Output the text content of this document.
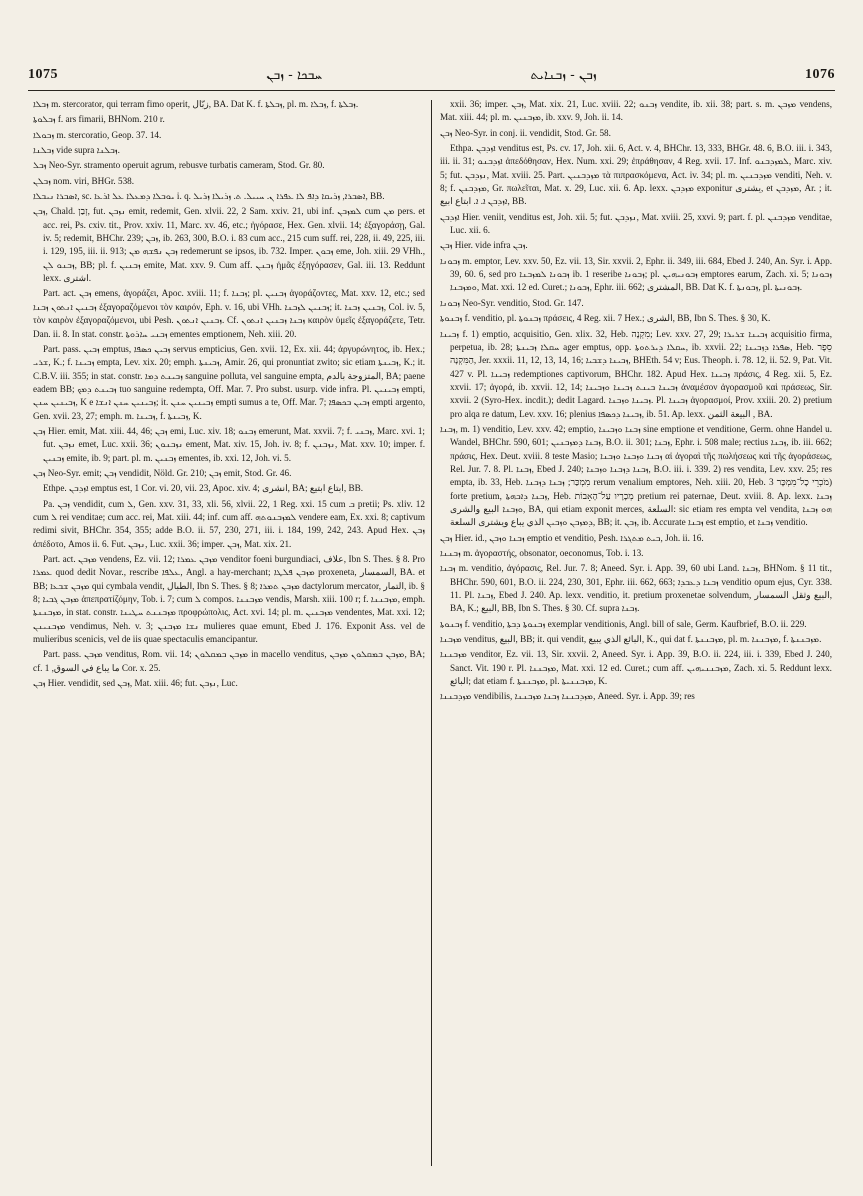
1075	ܚܒܟܐ - ܙܒܢ	ܙܒܢ - ܙܒܢܐܝܬ	1076

ܙܒܠܐ m. stercorator, qui terram fimo operit, زبّال, BA. Dat K. f. ܙܒܠܬܐ, pl. m. ܙܒܠܐ, f. ܙܒܠܬܐ.

ܙܒܠܘܬܐ f. ars fimarii, BHNom. 210 r.

ܙܒܘܠܐ m. stercoratio, Geop. 37. 14.

ܙܒܠܢܐ vide supra ܙܒܠܢܐ.

ܙܒܠ Neo-Syr. stramento operuit agrum, rebusve turbatis cameram, Stod. Gr. 80.

ܙܒܠܢ nom. viri, BHGr. 538.

ܐܣܒܪܐ ܢܝܒܠܐ, sc. ܝܘܒܠܐ ܕܡܥܠܐ ܥܠ ܐܪܥܐ i. q. ܐܣܒܪܐ, ܙܪܝܩܐ ܕܐܦ ܠܐ ܥܦܪܐ ܢ. ܚܝܝܠ. ܬ. ܙܪܝܠܐ ܙܪܝܠ, BB.

ܙܒܢ, Chald. זְבַן, fut. ܢܙܒܢ emit, redemit, Gen. xlvii. 22, 2 Sam. xxiv. 21, ubi inf. ܠܡܙܒܢ cum ܡܢ pers. et acc. rei, Ps. cxiv. tit., Prov. xxiv. 11, Marc. xv. 46, etc.; ἠγόρασε, Hex. Gen. xlvii. 14; ἐξαγοράσῃ, Gal. iv. 5; redemit, BHChr. 239; ܙܒܢ, ib. 263, 300, B.O. i. 83 cum acc., 215 cum suff. rei, 228, ii. 49, 225, iii. i. 129, 195, iii. ii. 913; ܙܒܢ ܢܦܫܗ ܡܢ redemerunt se ipsos, ib. 732. Imper. ܙܒܘܢ eme, Joh. xiii. 29 VHh., ܙܒܢܘ ܠܢ, BB; pl. f. ܙܒܢܝܢ emite, Mat. xxv. 9. Cum aff. ܙܒܢܢ ἡμᾶς ἐξηγόρασεν, Gal. iii. 13. Reddunt lexx. اشترى.

Part. act. ܙܒܢ emens, ἀγοράζει, Apoc. xviii. 11; f. ܙܒܢܐ; pl. ܙܒܢܝܢ ἀγοράζοντες, Mat. xxv. 12, etc.; sed ܙܒܢܝܢ ܐܢܬܘܢ ܙܒܢܐ ἐξαγοραζόμενοι τὸν καιρόν, Eph. v. 16, ubi VHh. ܙܒܢܝܢ ܠܙܒܢܐ; it. ܙܒܢܝܢ ܙܒܢܐ, Col. iv. 5, τὸν καιρὸν ἐξαγοραζόμενοι, ubi Pesh. ܙܒܢܝܢ ܐܢܬܘܢ. Cf. ܙܒܢܐ ܙܒܢܝܢ ܐܢܬܘܢ καιρὸν ὑμεῖς ἐξαγοράζετε, Tetr. Dan. ii. 8. In stat. constr. ܙܒܢܝ ܚܐܪܘܬܐ ementes emptionem, Neh. xiii. 20.

Part. pass. ܙܒܝܢ emptus, ܙܒܝܢ ܟܣܦܐ servus empticius, Gen. xvii. 12, Ex. xii. 44; ἀργυρώνητος, ib. Hex.; ܫܪܝ, K.; f. ܙܒܝܢܐ empta, Lev. xix. 20; emph. ܙܒܝܢܬܐ, Amir. 26, qui pronuntiat zwito; sic etiam ܙܒܝܢܬܐ, K.; it. C.B.V. iii. 355; in stat. constr. ܙܒܝܢܬ ܕܡܐ sanguine polluta, vel sanguine empta, المتزوجة بالدم, BA; paene eadem BB; ܙܒܝܢܬ ܕܡܟ tuo sanguine redempta, Off. Mar. 7. Pro subst. usurp. vide infra. Pl. ܙܒܝܢܝܢ empti, ܙܒܝܢܝܢ ܚܢܢ, K e ܙܒܝܢܝܢ ܚܢܢ ܐܢܫܐ; it. ܙܒܝܢܝܢ ܚܢܢ empti sumus a te, Off. Mar. 7; ܙܒܝܢ ܒܟܣܦܐ empti argento, Gen. xvii. 23, 27; emph. m. ܙܒܝܢܐ, f. ܙܒܝܢܬܐ, K.

ܙܒܢ Hier. emit, Mat. xiii. 44, 46; ܙܒܢ emi, Luc. xiv. 18; ܙܒܢܘ emerunt, Mat. xxvii. 7; f. ܙܒܢܝ, Marc. xvi. 1; fut. ܢܙܒܢ emet, Luc. xxii. 36; ܢܙܒܢܘܢ ement, Mat. xiv. 15, Joh. iv. 8; f. ܢܙܒܢܢ, Mat. xxv. 10; imper. f. ܙܒܢܝܢ emite, ib. 9; part. pl. m. ܙܒܢܝܢ ementes, ib. xxi. 12, Joh. vi. 5.

ܙܒܢ Neo-Syr. emit; ܙܒܢ vendidit, Nöld. Gr. 210; ܙܒܢ emit, Stod. Gr. 46.

Ethpe. ܐܙܕܒܢ emptus est, 1 Cor. vi. 20, vii. 23, Apoc. xiv. 4; انشرى, BA; ابتاع ابتيع, BB.

Pa. ܙܒܢ vendidit, cum ܠ, Gen. xxv. 31, 33, xli. 56, xlvii. 22, 1 Reg. xxi. 15 cum ܒ pretii; Ps. xliv. 12 cum ܠ rei venditae; cum acc. rei, Mat. xiii. 44; inf. cum aff. ܠܡܙܒܢܘܬܗ vendere eam, Ex. xxi. 8; captivum redimi sivit, BHChr. 354, 355; adde B.O. ii. 57, 230, 271, iii. i. 184, 199, 242, 243. Apud Hex. ܙܒܢ ἀπέδοτο, Amos ii. 6. Fut. ܢܙܒܢ, Luc. xxii. 36; imper. ܙܒܢ, Mat. xix. 21.

Part. act. ܡܙܒܢ vendens, Ez. vii. 12; ܡܙܒܢ ܥܡܪܐ venditor foeni burgundiaci, علاف, Ibn S. Thes. § 8. Pro ܥܡܪܐ quod dedit Novar., rescribe ܥܠܦܐ, Angl. a hay-merchant; ܡܙܒܢ ܦܠܛܐ proxeneta, السمسار, BA. et BB; ܡܙܒܢ ܫܒܥܐ qui cymbala vendit, الطبال, Ibn S. Thes. § 8; ܡܙܒܢ ܬܡܪܐ dactylorum mercator, التمار, ib. § 8; ܡܙܒܢ ܓܒܝܐ ἀπεπρατίζόμην, Tob. i. 7; cum ܠ compos. ܡܙܒܢܢܐ vendis, Marsh. xiii. 100 r; f. ܡܙܒܢܢܐ, emph. ܡܙܒܢܢܬܐ, in stat. constr. ܡܙܒܢܢܬ ܚܛܝܢܐ προφρώπολις, Act. xvi. 14; pl. m. ܡܙܒܢܝܢ vendentes, Mat. xxi. 12; ܡܙܒܢܝܢܢ vendimus, Neh. v. 3; ܢܫܐ ܡܙܒܢܢ mulieres quae emunt, Ebed J. 176. Exponit Ass. vel de mulieribus scenicis, vel de iis quae spectaculis emancipantur.

Part. pass. ܡܙܒܢ venditus, Rom. vii. 14; ܡܙܒܢ ܒܡܩܠܘܢ in macello venditus, ܡܙܒܢ ܒܡܩܠܘܢ ܡܙܒܢ, BA; cf. ما يباع في السوق, 1 Cor. x. 25.

ܙܒܢ Hier. vendidit, sed ܙܒܢ, Mat. xiii. 46; fut. ܢܙܒܢ, Luc.

xxii. 36; imper. ܙܒܢ, Mat. xix. 21, Luc. xviii. 22; ܙܒܢܘ vendite, ib. xii. 38; part. s. m. ܡܙܒܢ vendens, Mat. xiii. 44; pl. m. ܡܙܒܢܝܢ, ib. xxv. 9, Joh. ii. 14.

ܙܒܢ Neo-Syr. in conj. ii. vendidit, Stod. Gr. 58.

Ethpa. ܐܙܕܒܢ venditus est, Ps. cv. 17, Joh. xii. 6, Act. v. 4, BHChr. 13, 333, BHGr. 48. 6, B.O. iii. i. 343, iii. ii. 31; ܐܙܕܒܢܘ ἀπεδόθησαν, Hex. Num. xxi. 29; ἐπράθησαν, 4 Reg. xvii. 17. Inf. ܠܡܙܕܒܢܘ, Marc. xiv. 5; fut. ܢܙܕܒܢ, Mat. xviii. 25. Part. ܡܙܕܒܢܝܢ τὰ πιπρασκόμενα, Act. iv. 34; pl. m. ܡܙܕܒܢܝܢ venditi, Neh. v. 8; f. ܡܙܕܒܢܢ, Gr. πωλεῖται, Mat. x. 29, Luc. xii. 6. Ap. lexx. ܡܙܕܒܢ exponitur يشترى, et ܡܙܕܒܢ, Ar. ; it. ܐܙܕܒܢ ܐ. ܐ. ابتاع ابيع, BB.

ܐܙܕܒܢ Hier. veniit, venditus est, Joh. xii. 5; fut. ܢܙܕܒܢ, Mat. xviii. 25, xxvi. 9; part. f. pl. ܡܙܕܒܢܢ venditae, Luc. xii. 6.

ܙܒܢ Hier. vide infra ܙܒܢ.

ܙܒܘܢܐ m. emptor, Lev. xxv. 50, Ez. vii. 13, Sir. xxvii. 2, Ephr. ii. 349, iii. 684, Ebed J. 240, An. Syr. i. App. 39, 60. 6, sed pro ܙܒܘܢܐ ܠܡܙܒܢܐ ib. 1 reseribe ܙܒܘܢܐ; pl. ܙܒܘܢܝܗܝܢ emptores earum, Zach. xi. 5; ܙܒܘܢܐ ܘܡܙܒܢܐ, Mat. xxi. 12 ed. Curet.; ܙܒܘܢܐ, Ephr. iii. 662; المشترى, BB. Dat K. f. ܙܒܘܢܬܐ, pl. ܙܒܘܢܝܬܐ.

ܙܒܘܢܐ Neo-Syr. venditio, Stod. Gr. 147.

ܙܒܢܘܬܐ f. venditio, pl. ܙܒܢܘܬܐ πράσεις, 4 Reg. xii. 7 Hex.; الشرى, BB, Ibn S. Thes. § 30, K.

ܙܒܝܢܐ f. 1) emptio, acquisitio, Gen. xlix. 32, Heb. מִקְנָה; Lev. xxv. 27, 29; ܙܒܝܢܐ ܫܪܝܪܐ acquisitio firma, perpetua, ib. 28; ܚܩܠܐ ܙܒܝܢܬܐ ager emptus, opp. ܚܩܠܐ ܕܝܪܬܘܬܐ, ib. xxvii. 22; ܣܦܪܐ ܕܙܒܝܢܐ, Heb. סֵפֶר הַמִּקְנָה, Jer. xxxii. 11, 12, 13, 14, 16; ܙܒܝܢܐ ܕܫܒܝܐ, BHEth. 54 v; Eus. Theoph. i. 78. 12, ii. 52. 9, Pat. Vit. 427 v. Pl. ܙܒܝܢܐ redemptiones captivorum, BHChr. 182. Apud Hex. ܙܒܝܢܐ πράσις, 4 Reg. xii. 5, Ez. xxvii. 17; ἀγορά, ib. xxvii. 12, 14; ܙܒܝܢܐ ܒܝܢܬ ܙܒܝܢܐ ܘܙܒܝܢܐ ἀναμέσον ἀγορασμοῦ καὶ πράσεως, Sir. xxvii. 2 (Syro-Hex. incdit.); dedit Lagard. ܙܒܝܢܐ ܘܙܒܢܐ. Pl. ܙܒܝܢܐ ἀγορασμοί, Prov. xxiii. 20. 2) pretium pro alqa re datum, Lev. xxv. 16; plenius ܙܒܝܢܐ ܕܟܣܦܐ, ib. 51. Ap. lexx. البيعة الثمن , BA.

ܙܒܢܐ, m. 1) venditio, Lev. xxv. 42; emptio, ܙܒܢܐ ܘܙܒܝܢܐ sine emptione et venditione, Germ. ohne Handel u. Wandel, BHChr. 590, 601; ܙܒܢܐ ܕܡܙܒܢܝܢ, B.O. ii. 301; ܙܒܢܐ, Ephr. i. 508 male; rectius ܙܒܢܐ, ib. iii. 662; πράσις, Hex. Deut. xviii. 8 teste Masio; ܙܒܢܐ ܘܙܒܢܐ ܘܙܒܢܐ αἱ ἀγοραὶ τῆς πωλήσεως καὶ τῆς ἀγοράσεως, Rel. Jur. 7. 8. Pl. ܙܒܢܐ, Ebed J. 240; ܙܒܢܐ ܕܙܒܢܐ ܘܙܒܢܐ, B.O. iii. i. 339. 2) res vendita, Lev. xxv. 25; res empta, ib. 33, Heb. מִמְכַּר; ܙܒܢܐ ܕܙܒܢܐ rerum venalium emptores, Neh. xiii. 20, Heb. מֹכְרֵי כָל־מִמְכָּר 3) forte pretium, ܙܒܢܐ ܕܐܒܗܬܐ, Heb. מְכָרָיו עַל־הָאָבוֹת pretium rei paternae, Deut. xviii. 8. Ap. lexx. ܙܒܢܐ ܘܙܒܢܐ البيع والشرى, BA, qui etiam exponit merces, السلعة: sic etiam res empta vel vendita, ܗܘ ܙܒܢܐ ܕܡܙܒܢ ܘܙܒܝܢ الذي يباع ويشترى السلعة, BB; it. ܙܒܢ, ib. Accurate ܙܒܢܐ est emptio, et ܙܒܢܐ venditio.

ܙܒܢ Hier. id., ܙܒܢܐ ܘܙܒܢ emptio et venditio, Pesh. ܒܝܬ ܡܬܓܪܐ, Joh. ii. 16.

ܙܒܢܢܐ m. ἀγοραστής, obsonator, oeconomus, Tob. i. 13.

ܙܒܢܐ m. venditio, ἀγόρασις, Rel. Jur. 7. 8; Aneed. Syr. i. App. 39, 60 ubi Land. ܙܒܢܐ, BHNom. § 11 tit., BHChr. 590, 601, B.O. ii. 224, 230, 301, Ephr. iii. 662, 663; ܙܒܢܐ ܕܥܒܕܐ venditio opum ejus, Cyr. 338. 11. Pl. ܙܒܢܐ, Ebed J. 240. Ap. lexx. venditio, it. pretium proxenetae solvendum, البيع وثقل السمسار, BA, K.; البيع, BB, Ibn S. Thes. § 30. Cf. supra ܙܒܢܐ.

ܙܒܢܘܬܐ f. venditio, ܙܒܢܘܬܐ ܕܒܬܐ exemplar venditionis, Angl. bill of sale, Germ. Kaufbrief, B.O. ii. 229.

ܡܙܒܢܐ venditus, البيع, BB; it. qui vendit, البائع الذي يبيع, K., qui dat f. ܡܙܒܢܢܬܐ, pl. m. ܡܙܒܢܢܐ, f. ܡܙܒܢܢܬܐ.

ܡܙܒܢܢܐ venditor, Ez. vii. 13, Sir. xxvii. 2, Aneed. Syr. i. App. 39, B.O. ii. 224, iii. i. 339, Ebed J. 240, Sanct. Vit. 190 r. Pl. ܡܙܒܢܢܐ, Mat. xxi. 12 ed. Curet.; cum aff. ܡܙܒܢܢܝܗܝܢ, Zach. xi. 5. Reddunt lexx. البائع; dat etiam f. ܡܙܒܢܢܬܐ, pl. ܡܙܒܢܢܝܬܐ, K.

ܡܙܕܒܢܢܐ vendibilis, ܡܙܕܒܢܢܐ ܙܒܢܐ ܡܙܒܢܢܐ, Aneed. Syr. i. App. 39; res
